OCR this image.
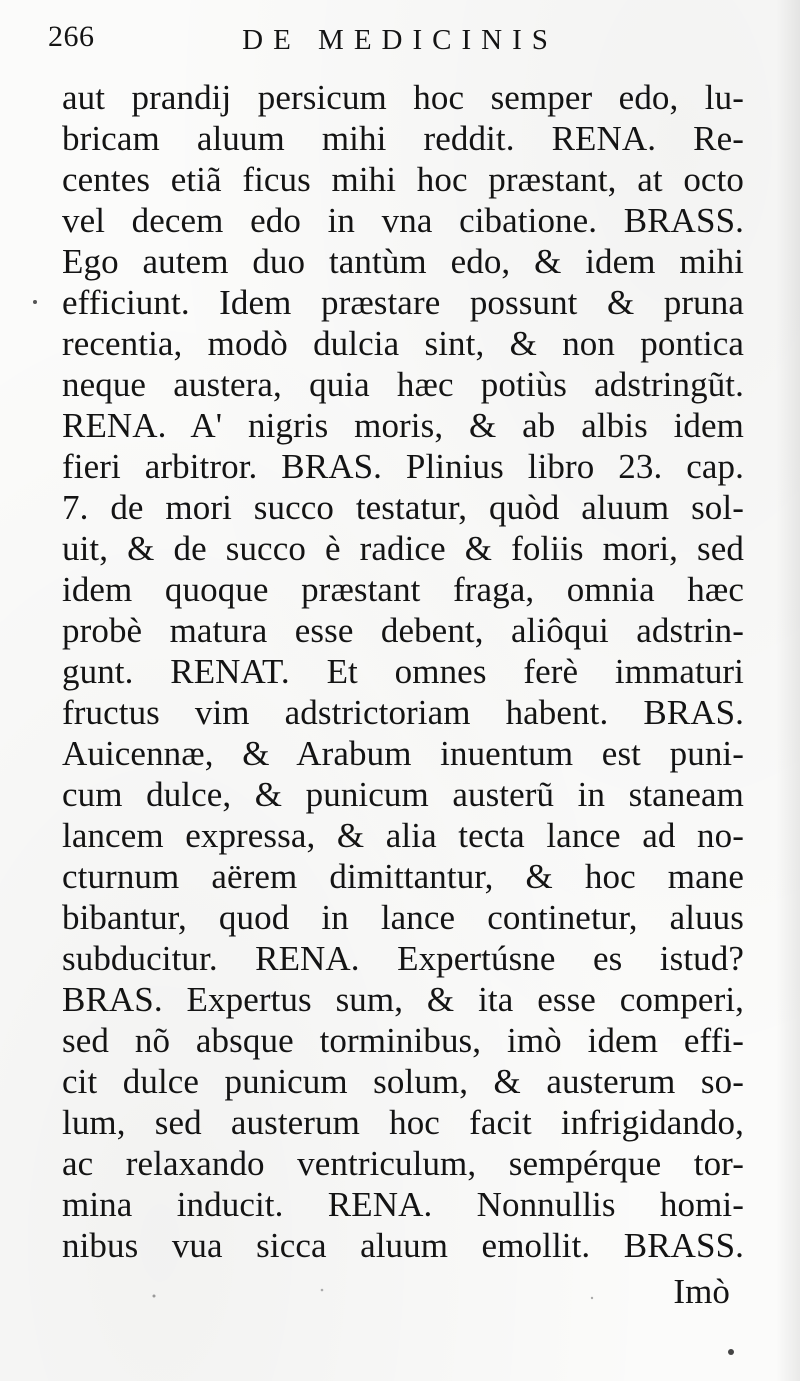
266	DE MEDICINIS
aut prandij persicum hoc semper edo, lu-
bricam aluum mihi reddit. RENA. Re-
centes etiã ficus mihi hoc præstant, at octo
vel decem edo in vna cibatione. BRASS.
Ego autem duo tantùm edo, & idem mihi
efficiunt. Idem præstare possunt & pruna
recentia, modò dulcia sint, & non pontica
neque austera, quia hæc potiùs adstringũt.
RENA. A' nigris moris, & ab albis idem
fieri arbitror. BRAS. Plinius libro 23. cap.
7. de mori succo testatur, quòd aluum sol-
uit, & de succo è radice & foliis mori, sed
idem quoque præstant fraga, omnia hæc
probè matura esse debent, aliôqui adstrin-
gunt. RENAT. Et omnes ferè immaturi
fructus vim adstrictoriam habent. BRAS.
Auicennæ, & Arabum inuentum est puni-
cum dulce, & punicum austerũ in staneam
lancem expressa, & alia tecta lance ad no-
cturnum aërem dimittantur, & hoc mane
bibantur, quod in lance continetur, aluus
subducitur. RENA. Expertúsne es istud?
BRAS. Expertus sum, & ita esse comperi,
sed nõ absque torminibus, imò idem effi-
cit dulce punicum solum, & austerum so-
lum, sed austerum hoc facit infrigidando,
ac relaxando ventriculum, sempérque tor-
mina inducit. RENA. Nonnullis homi-
nibus vua sicca aluum emollit. BRASS.
Imò
